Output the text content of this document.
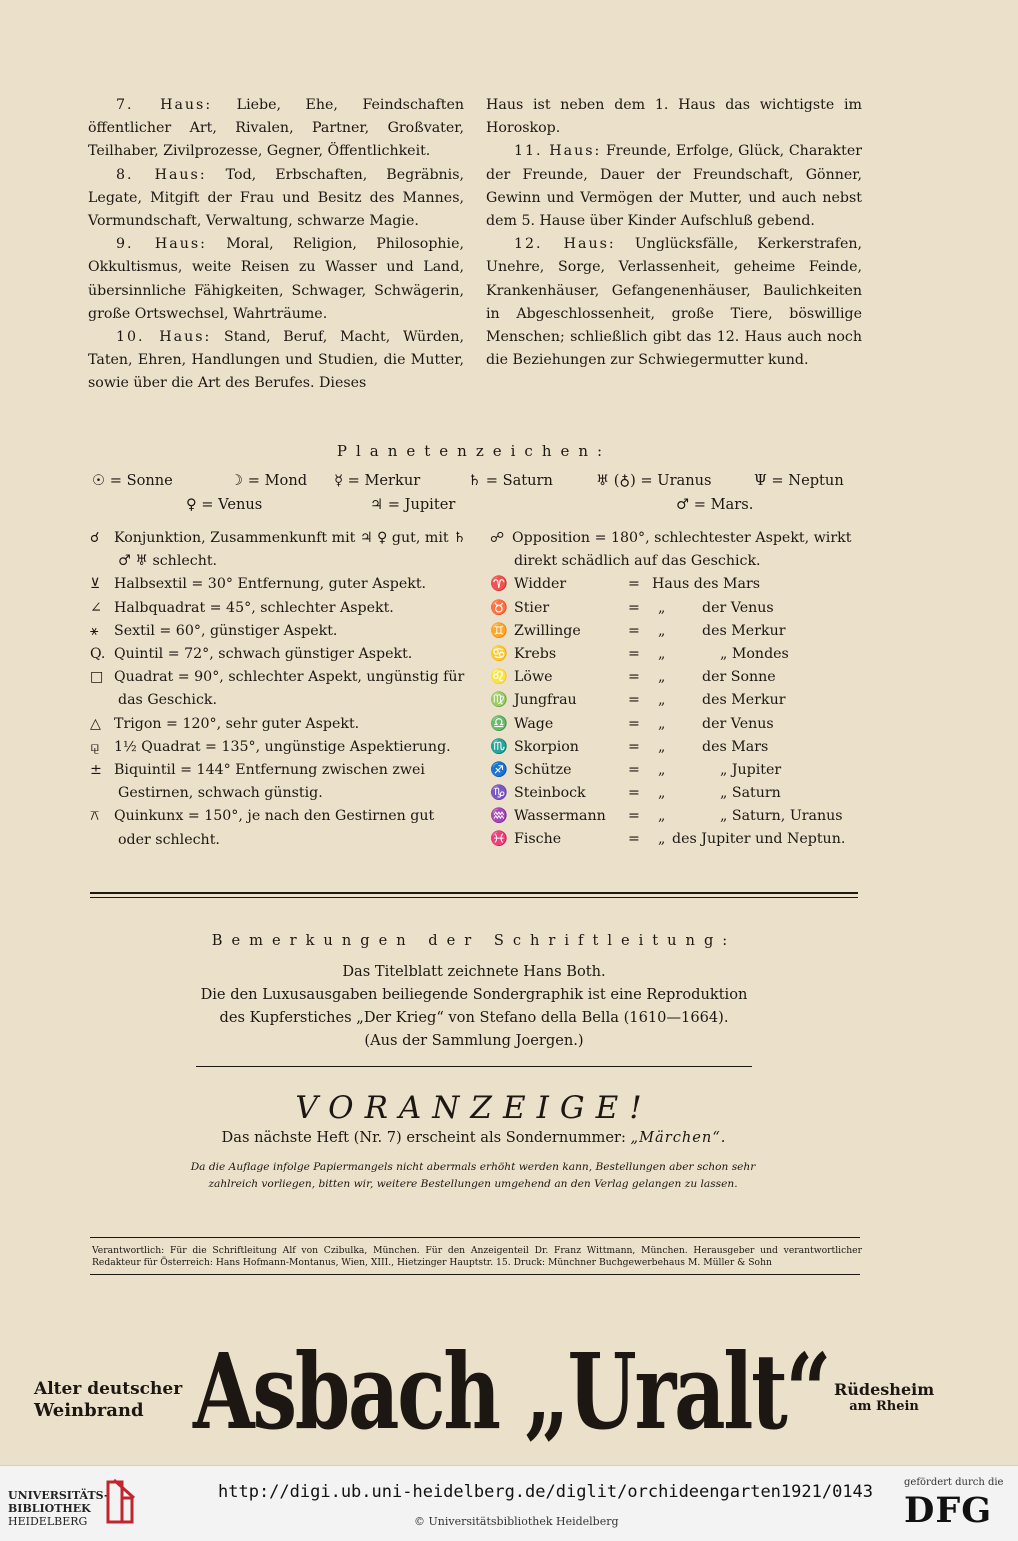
7. Haus: Liebe, Ehe, Feindschaften öffentlicher Art, Rivalen, Partner, Großvater, Teilhaber, Zivilprozesse, Gegner, Öffentlichkeit.

8. Haus: Tod, Erbschaften, Begräbnis, Legate, Mitgift der Frau und Besitz des Mannes, Vormundschaft, Verwaltung, schwarze Magie.

9. Haus: Moral, Religion, Philosophie, Okkultismus, weite Reisen zu Wasser und Land, übersinnliche Fähigkeiten, Schwager, Schwägerin, große Ortswechsel, Wahrträume.

10. Haus: Stand, Beruf, Macht, Würden, Taten, Ehren, Handlungen und Studien, die Mutter, sowie über die Art des Berufes. Dieses

Haus ist neben dem 1. Haus das wichtigste im Horoskop.

11. Haus: Freunde, Erfolge, Glück, Charakter der Freunde, Dauer der Freundschaft, Gönner, Gewinn und Vermögen der Mutter, und auch nebst dem 5. Hause über Kinder Aufschluß gebend.

12. Haus: Unglücksfälle, Kerkerstrafen, Unehre, Sorge, Verlassenheit, geheime Feinde, Krankenhäuser, Gefangenenhäuser, Baulichkeiten in Abgeschlossenheit, große Tiere, böswillige Menschen; schließlich gibt das 12. Haus auch noch die Beziehungen zur Schwiegermutter kund.

Planetenzeichen:
☉ = Sonne	☽ = Mond ☿ = Merkur	♄ = Saturn	♅ (♁) = Uranus	Ψ = Neptun
♀ = Venus	♃ = Jupiter	♂ = Mars.

☌ Konjunktion, Zusammenkunft mit ♃ ♀ gut, mit ♄ ♂ ♅ schlecht.

⊻ Halbsextil = 30° Entfernung, guter Aspekt.

∠ Halbquadrat = 45°, schlechter Aspekt.

⚹ Sextil = 60°, günstiger Aspekt.

Q. Quintil = 72°, schwach günstiger Aspekt.

□ Quadrat = 90°, schlechter Aspekt, ungünstig für das Geschick.

△ Trigon = 120°, sehr guter Aspekt.

⚼ 1½ Quadrat = 135°, ungünstige Aspektierung.

± Biquintil = 144° Entfernung zwischen zwei Gestirnen, schwach günstig.

⚻ Quinkunx = 150°, je nach den Gestirnen gut oder schlecht.

☍ Opposition = 180°, schlechtester Aspekt, wirkt direkt schädlich auf das Geschick.

♈ Widder	= Haus des Mars
♉ Stier	= „	der Venus
♊ Zwillinge	= „	des Merkur
♋ Krebs	= „	„ Mondes
♌ Löwe	= „	der Sonne
♍ Jungfrau	= „	des Merkur
♎ Wage	= „	der Venus
♏ Skorpion	= „	des Mars
♐ Schütze	= „	„ Jupiter
♑ Steinbock	= „	„ Saturn
♒ Wassermann = „	„ Saturn, Uranus
♓ Fische	= „ des Jupiter und Neptun.
Bemerkungen der Schriftleitung:
Das Titelblatt zeichnete Hans Both.
Die den Luxusausgaben beiliegende Sondergraphik ist eine Reproduktion
des Kupferstiches „Der Krieg“ von Stefano della Bella (1610—1664).
(Aus der Sammlung Joergen.)
VORANZEIGE!
Das nächste Heft (Nr. 7) erscheint als Sondernummer: „Märchen“.
Da die Auflage infolge Papiermangels nicht abermals erhöht werden kann, Bestellungen aber schon sehr zahlreich vorliegen, bitten wir, weitere Bestellungen umgehend an den Verlag gelangen zu lassen.
Verantwortlich: Für die Schriftleitung Alf von Czibulka, München. Für den Anzeigenteil Dr. Franz Wittmann, München. Herausgeber und verantwortlicher Redakteur für Österreich: Hans Hofmann-Montanus, Wien, XIII., Hietzinger Hauptstr. 15. Druck: Münchner Buchgewerbehaus M. Müller & Sohn
Alter deutscher
Weinbrand Asbach „Uralt“ Rüdesheim
am Rhein
UNIVERSITÄTS-
BIBLIOTHEK
HEIDELBERG
http://digi.ub.uni-heidelberg.de/diglit/orchideengarten1921/0143
© Universitätsbibliothek Heidelberg
gefördert durch die
DFG
